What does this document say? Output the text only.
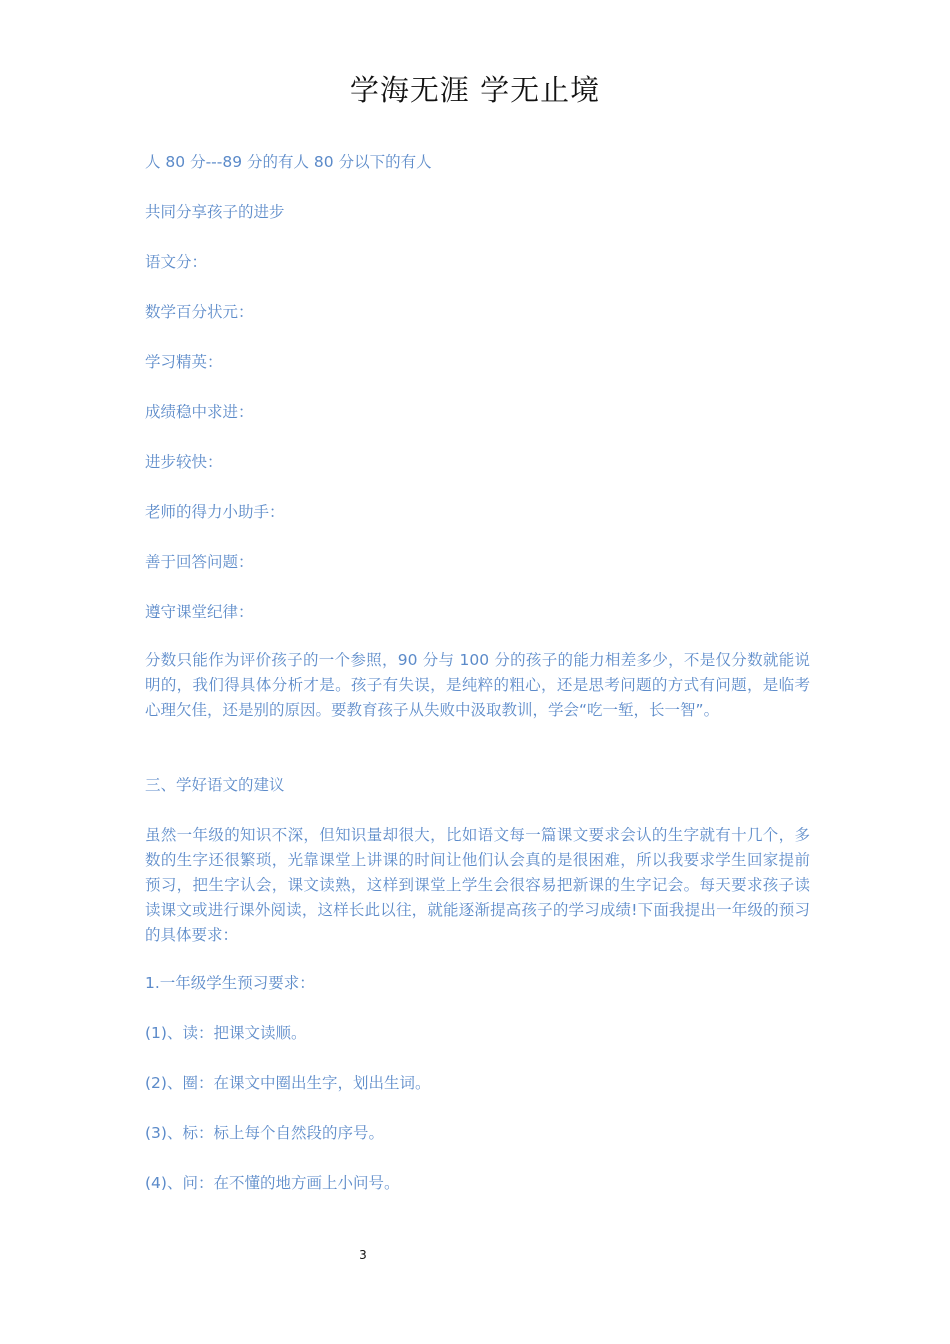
学海无涯 学无止境
人 80 分---89 分的有人 80 分以下的有人
共同分享孩子的进步
语文分：
数学百分状元：
学习精英：
成绩稳中求进：
进步较快：
老师的得力小助手：
善于回答问题：
遵守课堂纪律：
分数只能作为评价孩子的一个参照，90 分与 100 分的孩子的能力相差多少，不是仅分数就能说明的，我们得具体分析才是。孩子有失误，是纯粹的粗心，还是思考问题的方式有问题，是临考心理欠佳，还是别的原因。要教育孩子从失败中汲取教训，学会“吃一堑，长一智”。
三、学好语文的建议
虽然一年级的知识不深，但知识量却很大，比如语文每一篇课文要求会认的生字就有十几个，多数的生字还很繁琐，光靠课堂上讲课的时间让他们认会真的是很困难，所以我要求学生回家提前预习，把生字认会，课文读熟，这样到课堂上学生会很容易把新课的生字记会。每天要求孩子读读课文或进行课外阅读，这样长此以往，就能逐渐提高孩子的学习成绩!下面我提出一年级的预习的具体要求：
1.一年级学生预习要求：
(1)、读：把课文读顺。
(2)、圈：在课文中圈出生字，划出生词。
(3)、标：标上每个自然段的序号。
(4)、问：在不懂的地方画上小问号。
3
